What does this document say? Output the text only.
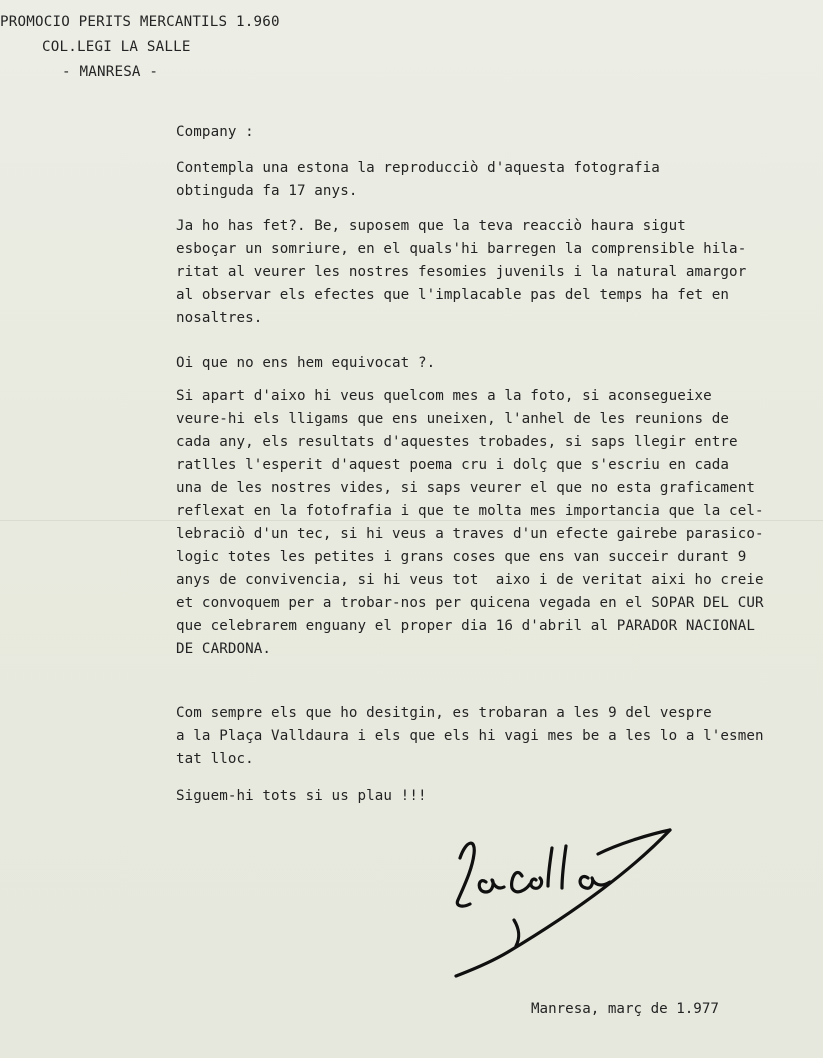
PROMOCIO PERITS MERCANTILS 1.960
COL.LEGI LA SALLE
- MANRESA -
Company :
Contempla una estona la reproducciò d'aquesta fotografia
obtinguda fa 17 anys.
Ja ho has fet?. Be, suposem que la teva reacciò haura sigut
esboçar un somriure, en el quals'hi barregen la comprensible hila-
ritat al veurer les nostres fesomies juvenils i la natural amargor
al observar els efectes que l'implacable pas del temps ha fet en
nosaltres.
Oi que no ens hem equivocat ?.
Si apart d'aixo hi veus quelcom mes a la foto, si aconsegueixe
veure-hi els lligams que ens uneixen, l'anhel de les reunions de
cada any, els resultats d'aquestes trobades, si saps llegir entre
ratlles l'esperit d'aquest poema cru i dolç que s'escriu en cada
una de les nostres vides, si saps veurer el que no esta graficament
reflexat en la fotofrafia i que te molta mes importancia que la cel-
lebraciò d'un tec, si hi veus a traves d'un efecte gairebe parasico-
logic totes les petites i grans coses que ens van succeir durant 9
anys de convivencia, si hi veus tot  aixo i de veritat aixi ho creie
et convoquem per a trobar-nos per quicena vegada en el SOPAR DEL CUR
que celebrarem enguany el proper dia 16 d'abril al PARADOR NACIONAL
DE CARDONA.
Com sempre els que ho desitgin, es trobaran a les 9 del vespre
a la Plaça Valldaura i els que els hi vagi mes be a les lo a l'esmen
tat lloc.
Siguem-hi tots si us plau !!!
Manresa, març de 1.977
